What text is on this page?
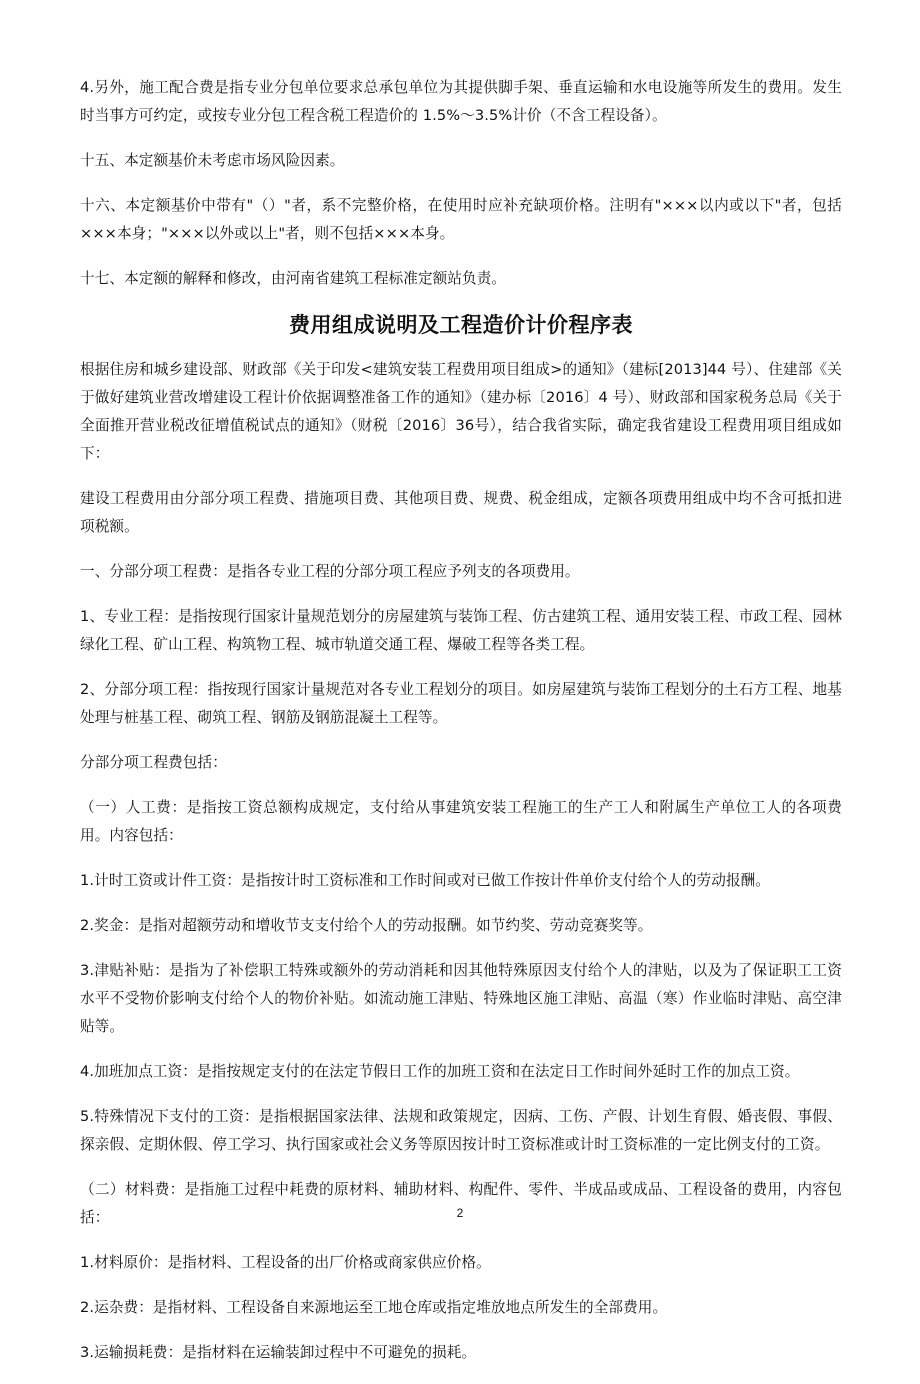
4.另外，施工配合费是指专业分包单位要求总承包单位为其提供脚手架、垂直运输和水电设施等所发生的费用。发生时当事方可约定，或按专业分包工程含税工程造价的 1.5%～3.5%计价（不含工程设备）。

十五、本定额基价未考虑市场风险因素。

十六、本定额基价中带有"（）"者，系不完整价格，在使用时应补充缺项价格。注明有"×××以内或以下"者，包括×××本身；"×××以外或以上"者，则不包括×××本身。

十七、本定额的解释和修改，由河南省建筑工程标准定额站负责。

费用组成说明及工程造价计价程序表

根据住房和城乡建设部、财政部《关于印发<建筑安装工程费用项目组成>的通知》（建标[2013]44 号）、住建部《关于做好建筑业营改增建设工程计价依据调整准备工作的通知》（建办标〔2016〕4 号）、财政部和国家税务总局《关于全面推开营业税改征增值税试点的通知》（财税〔2016〕36号），结合我省实际，确定我省建设工程费用项目组成如下：

建设工程费用由分部分项工程费、措施项目费、其他项目费、规费、税金组成，定额各项费用组成中均不含可抵扣进项税额。

一、分部分项工程费：是指各专业工程的分部分项工程应予列支的各项费用。

1、专业工程：是指按现行国家计量规范划分的房屋建筑与装饰工程、仿古建筑工程、通用安装工程、市政工程、园林绿化工程、矿山工程、构筑物工程、城市轨道交通工程、爆破工程等各类工程。

2、分部分项工程：指按现行国家计量规范对各专业工程划分的项目。如房屋建筑与装饰工程划分的土石方工程、地基处理与桩基工程、砌筑工程、钢筋及钢筋混凝土工程等。

分部分项工程费包括：

（一）人工费：是指按工资总额构成规定，支付给从事建筑安装工程施工的生产工人和附属生产单位工人的各项费用。内容包括：

1.计时工资或计件工资：是指按计时工资标准和工作时间或对已做工作按计件单价支付给个人的劳动报酬。

2.奖金：是指对超额劳动和增收节支支付给个人的劳动报酬。如节约奖、劳动竞赛奖等。

3.津贴补贴：是指为了补偿职工特殊或额外的劳动消耗和因其他特殊原因支付给个人的津贴，以及为了保证职工工资水平不受物价影响支付给个人的物价补贴。如流动施工津贴、特殊地区施工津贴、高温（寒）作业临时津贴、高空津贴等。

4.加班加点工资：是指按规定支付的在法定节假日工作的加班工资和在法定日工作时间外延时工作的加点工资。

5.特殊情况下支付的工资：是指根据国家法律、法规和政策规定，因病、工伤、产假、计划生育假、婚丧假、事假、探亲假、定期休假、停工学习、执行国家或社会义务等原因按计时工资标准或计时工资标准的一定比例支付的工资。

（二）材料费：是指施工过程中耗费的原材料、辅助材料、构配件、零件、半成品或成品、工程设备的费用，内容包括：

1.材料原价：是指材料、工程设备的出厂价格或商家供应价格。

2.运杂费：是指材料、工程设备自来源地运至工地仓库或指定堆放地点所发生的全部费用。

3.运输损耗费：是指材料在运输装卸过程中不可避免的损耗。

2
